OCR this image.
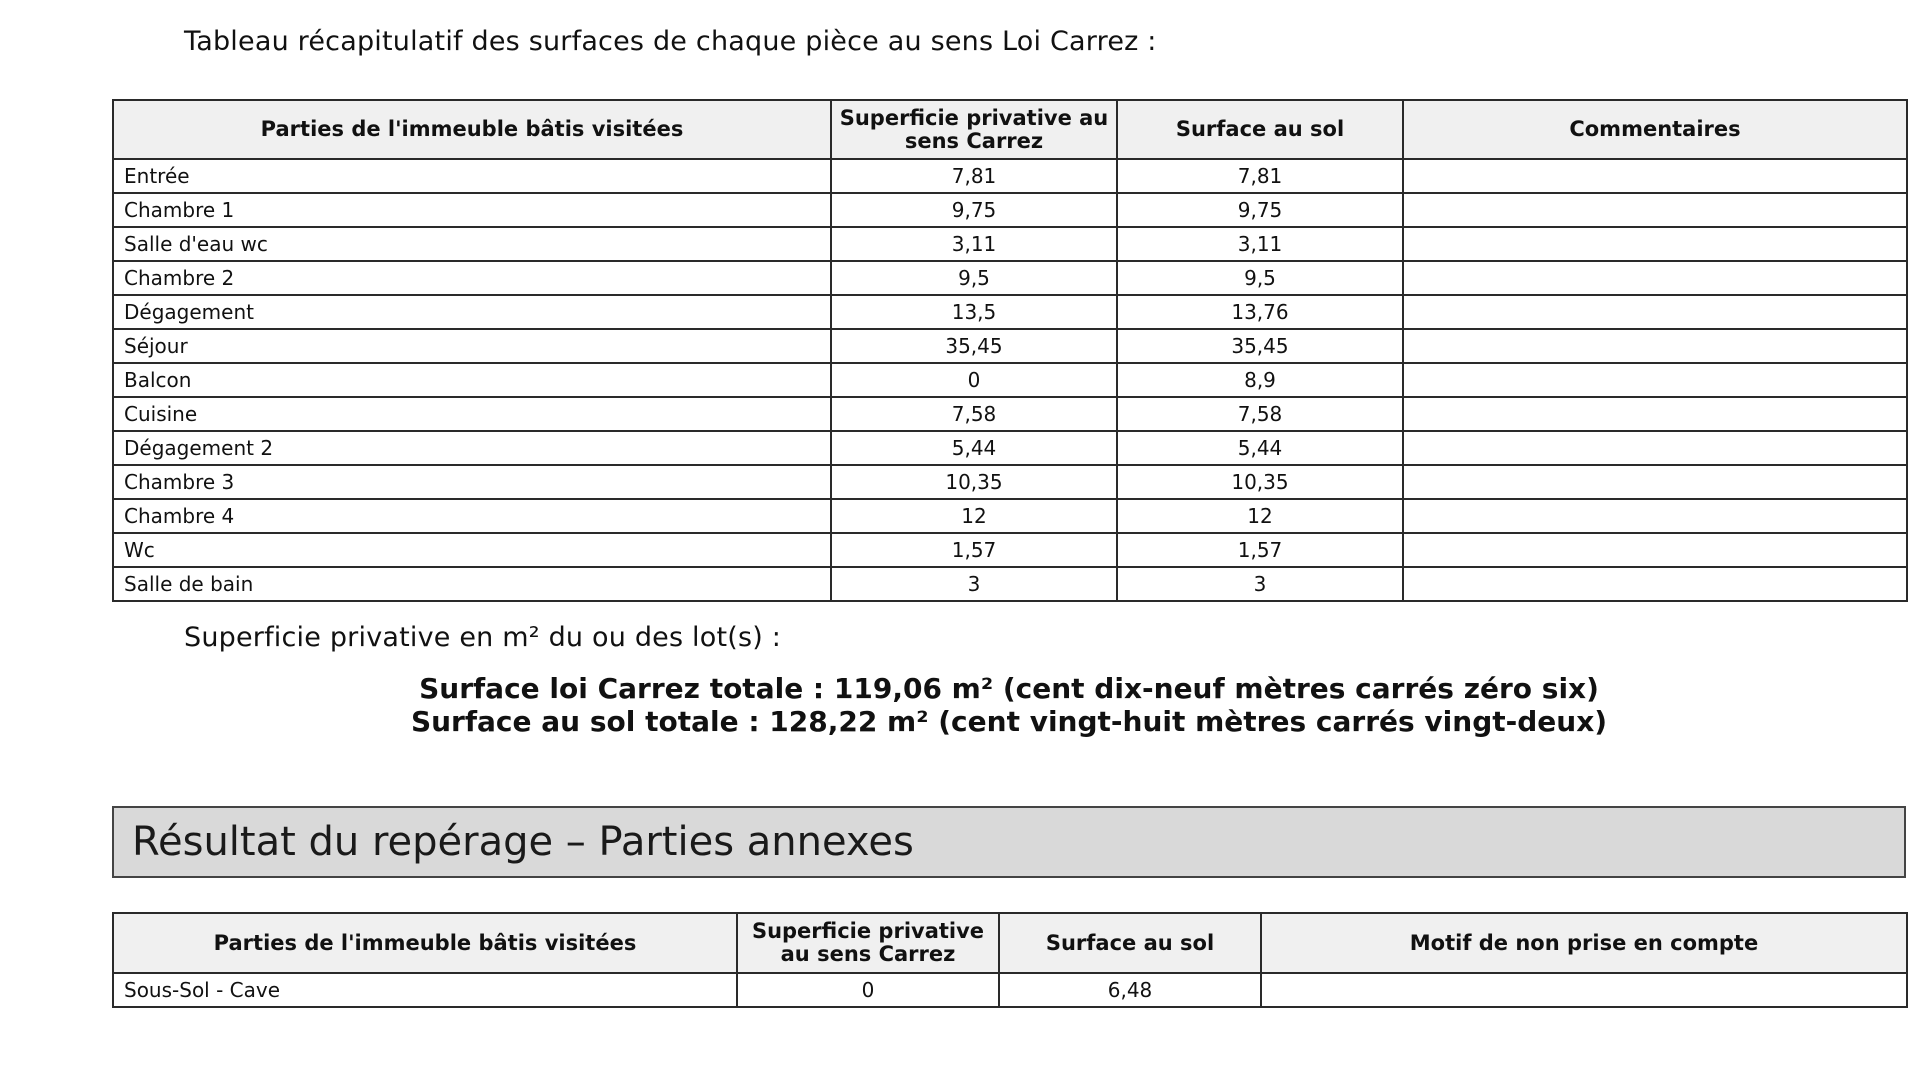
Tableau récapitulatif des surfaces de chaque pièce au sens Loi Carrez :
Parties de l'immeuble bâtis visitées	Superficie privative au sens Carrez	Surface au sol	Commentaires
Entrée	7,81	7,81	
Chambre 1	9,75	9,75	
Salle d'eau wc	3,11	3,11	
Chambre 2	9,5	9,5	
Dégagement	13,5	13,76	
Séjour	35,45	35,45	
Balcon	0	8,9	
Cuisine	7,58	7,58	
Dégagement 2	5,44	5,44	
Chambre 3	10,35	10,35	
Chambre 4	12	12	
Wc	1,57	1,57	
Salle de bain	3	3	
Superficie privative en m² du ou des lot(s) :
Surface loi Carrez totale : 119,06 m² (cent dix-neuf mètres carrés zéro six)
Surface au sol totale : 128,22 m² (cent vingt-huit mètres carrés vingt-deux)
Résultat du repérage – Parties annexes
Parties de l'immeuble bâtis visitées	Superficie privative au sens Carrez	Surface au sol	Motif de non prise en compte
Sous-Sol - Cave	0	6,48	
